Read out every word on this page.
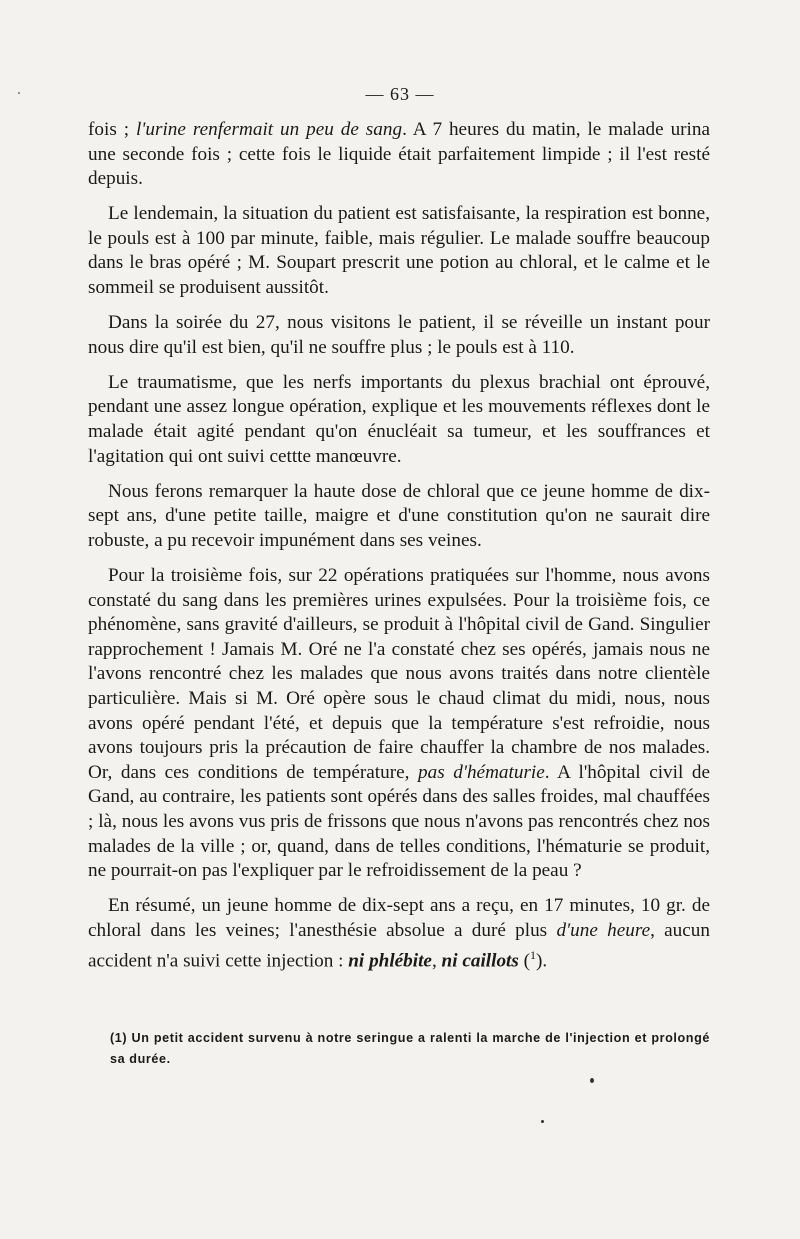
— 63 —

fois ; l'urine renfermait un peu de sang. A 7 heures du matin, le malade urina une seconde fois ; cette fois le liquide était parfaitement limpide ; il l'est resté depuis.

Le lendemain, la situation du patient est satisfaisante, la respiration est bonne, le pouls est à 100 par minute, faible, mais régulier. Le malade souffre beaucoup dans le bras opéré ; M. Soupart prescrit une potion au chloral, et le calme et le sommeil se produisent aussitôt.

Dans la soirée du 27, nous visitons le patient, il se réveille un instant pour nous dire qu'il est bien, qu'il ne souffre plus ; le pouls est à 110.

Le traumatisme, que les nerfs importants du plexus brachial ont éprouvé, pendant une assez longue opération, explique et les mouvements réflexes dont le malade était agité pendant qu'on énucléait sa tumeur, et les souffrances et l'agitation qui ont suivi cettte manœuvre.

Nous ferons remarquer la haute dose de chloral que ce jeune homme de dix-sept ans, d'une petite taille, maigre et d'une constitution qu'on ne saurait dire robuste, a pu recevoir impunément dans ses veines.

Pour la troisième fois, sur 22 opérations pratiquées sur l'homme, nous avons constaté du sang dans les premières urines expulsées. Pour la troisième fois, ce phénomène, sans gravité d'ailleurs, se produit à l'hôpital civil de Gand. Singulier rapprochement ! Jamais M. Oré ne l'a constaté chez ses opérés, jamais nous ne l'avons rencontré chez les malades que nous avons traités dans notre clientèle particulière. Mais si M. Oré opère sous le chaud climat du midi, nous, nous avons opéré pendant l'été, et depuis que la température s'est refroidie, nous avons toujours pris la précaution de faire chauffer la chambre de nos malades. Or, dans ces conditions de température, pas d'hématurie. A l'hôpital civil de Gand, au contraire, les patients sont opérés dans des salles froides, mal chauffées ; là, nous les avons vus pris de frissons que nous n'avons pas rencontrés chez nos malades de la ville ; or, quand, dans de telles conditions, l'hématurie se produit, ne pourrait-on pas l'expliquer par le refroidissement de la peau ?

En résumé, un jeune homme de dix-sept ans a reçu, en 17 minutes, 10 gr. de chloral dans les veines; l'anesthésie absolue a duré plus d'une heure, aucun accident n'a suivi cette injection : ni phlébite, ni caillots ($^1$).

(1) Un petit accident survenu à notre seringue a ralenti la marche de l'injection et prolongé sa durée.
